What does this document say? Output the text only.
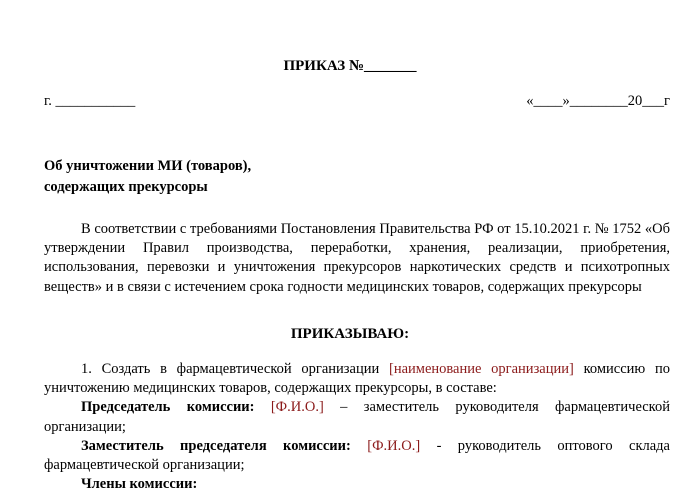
ПРИКАЗ №_______
г. ___________	«____»________20___г
Об уничтожении МИ (товаров),
содержащих прекурсоры
В соответствии с требованиями Постановления Правительства РФ от 15.10.2021 г. № 1752 «Об утверждении Правил производства, переработки, хранения, реализации, приобретения, использования, перевозки и уничтожения прекурсоров наркотических средств и психотропных веществ» и в связи с истечением срока годности медицинских товаров, содержащих прекурсоры
ПРИКАЗЫВАЮ:

1. Создать в фармацевтической организации [наименование организации] комиссию по уничтожению медицинских товаров, содержащих прекурсоры, в составе:

Председатель комиссии: [Ф.И.О.] – заместитель руководителя фармацевтической организации;

Заместитель председателя комиссии: [Ф.И.О.] - руководитель оптового склада фармацевтической организации;

Члены комиссии:
